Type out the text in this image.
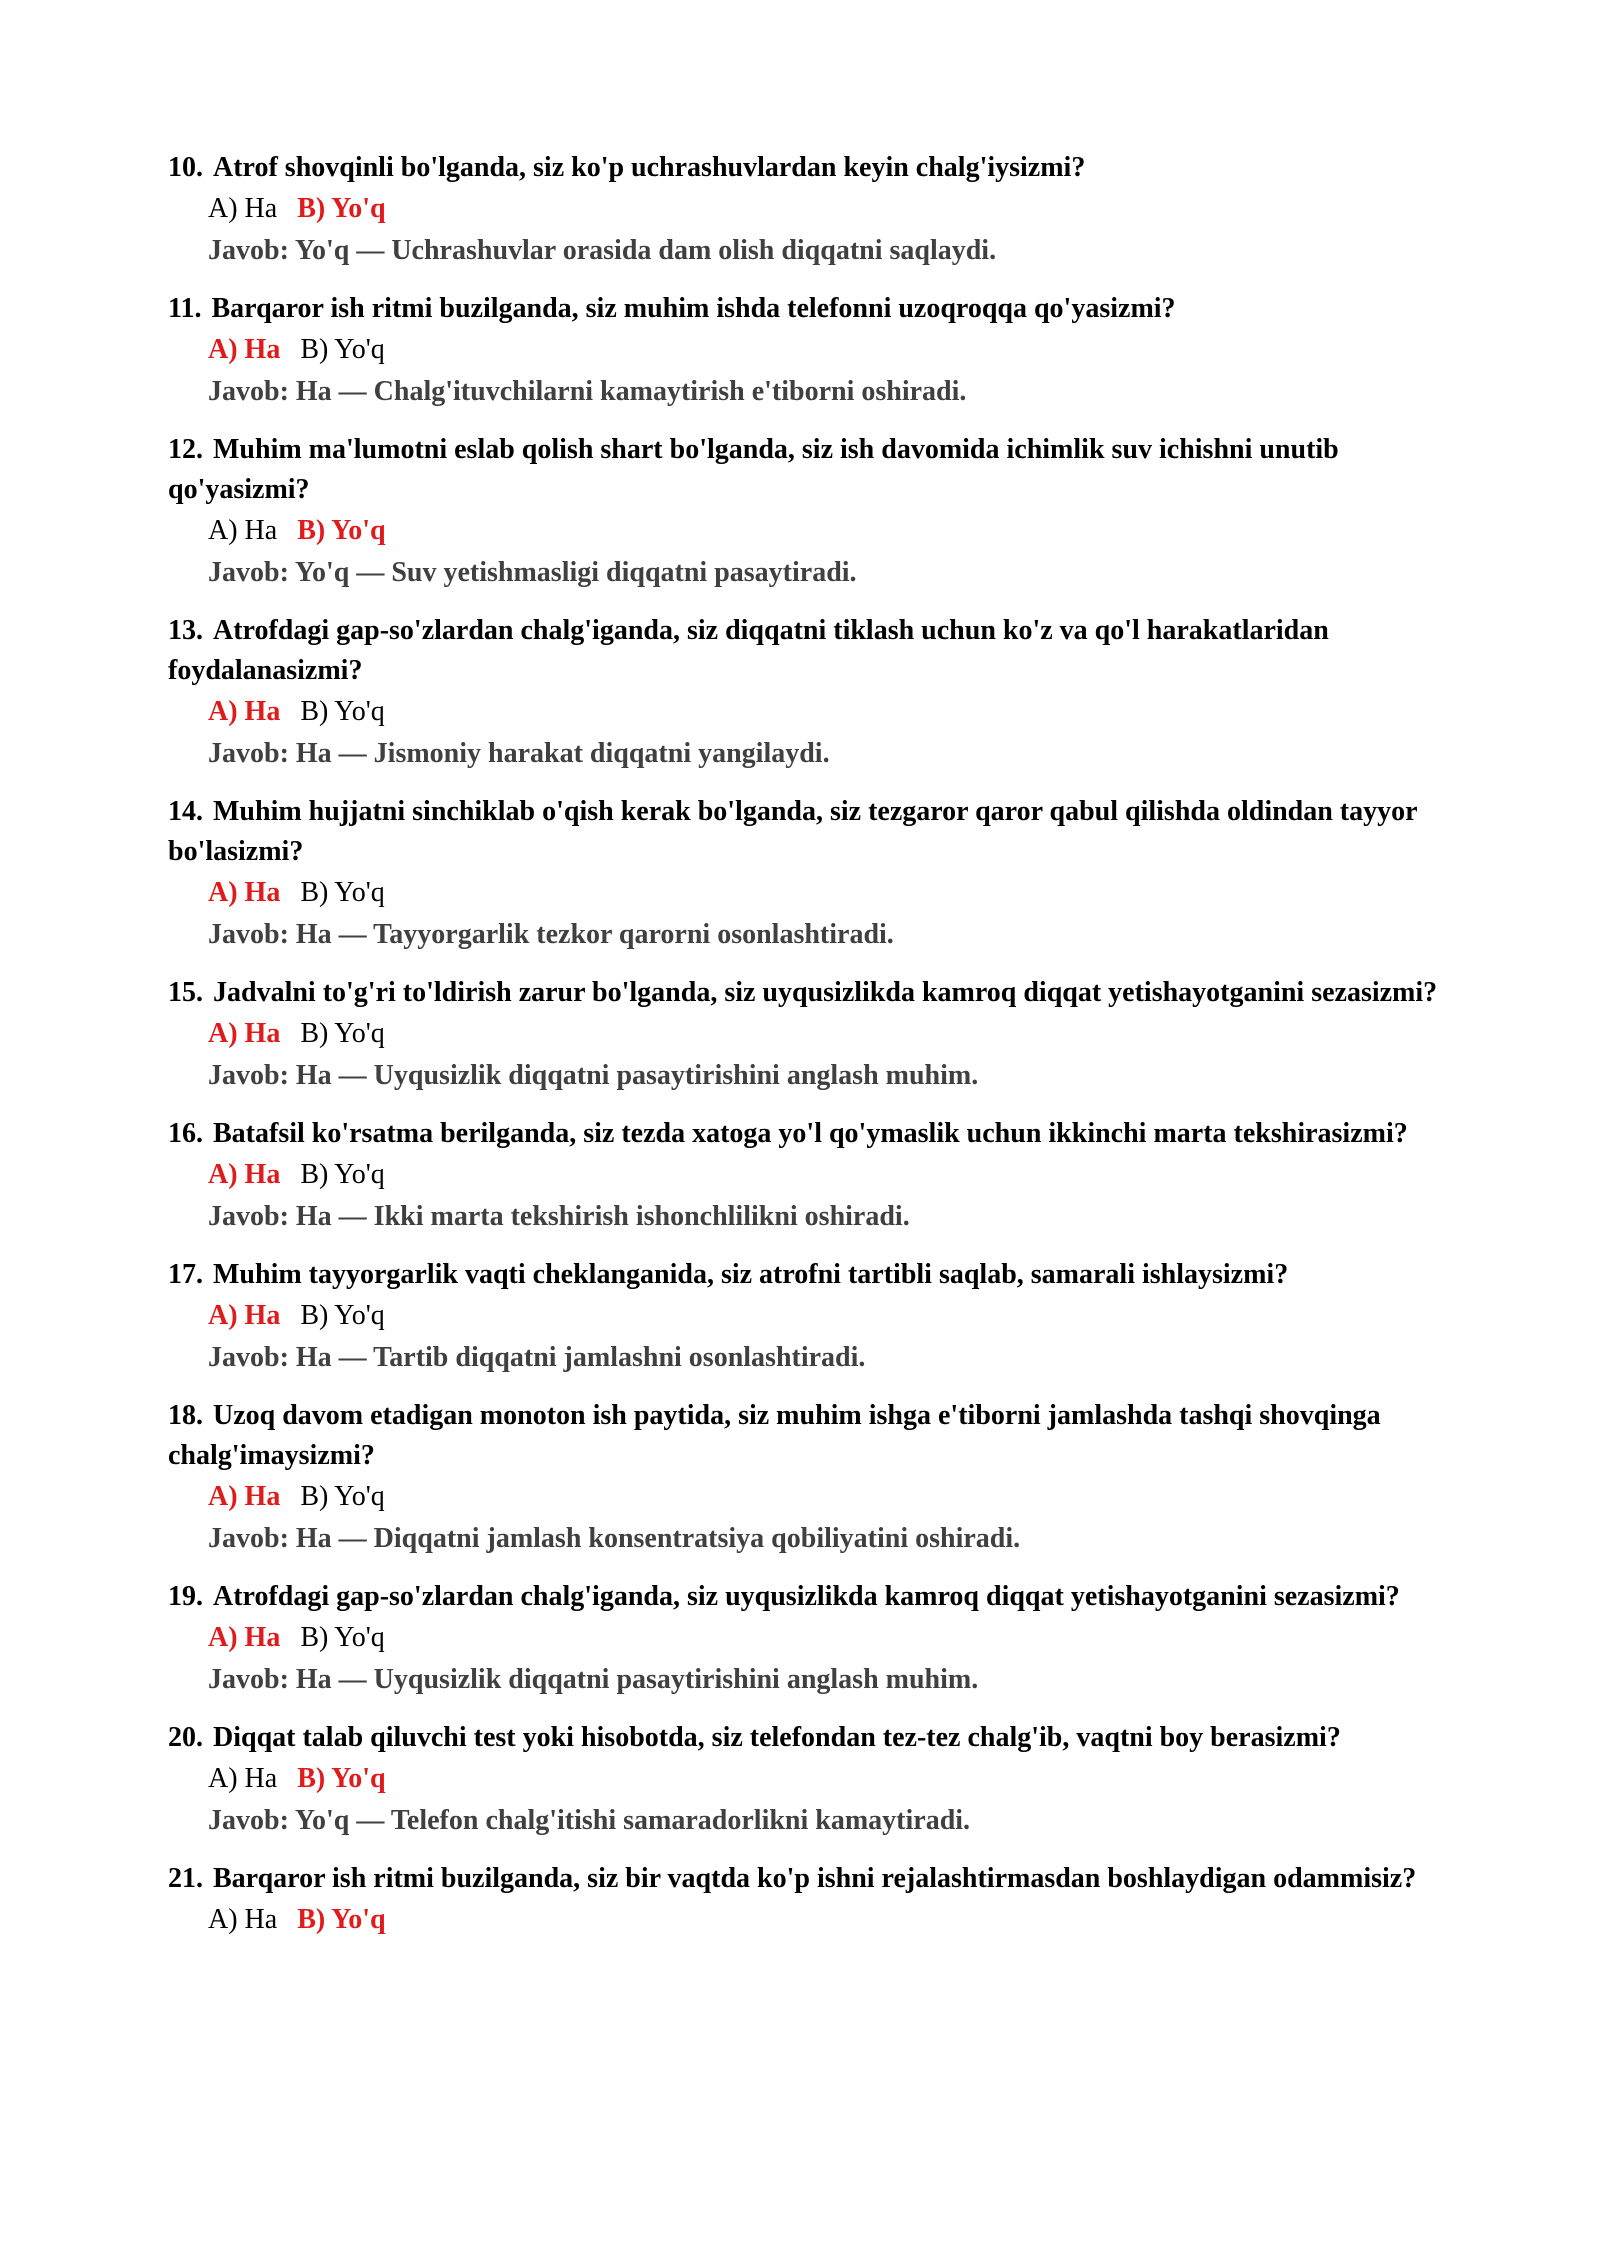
10. Atrof shovqinli bo'lganda, siz ko'p uchrashuvlardan keyin chalg'iysizmi?
A) Ha B) Yo'q
Javob: Yo'q — Uchrashuvlar orasida dam olish diqqatni saqlaydi.
11. Barqaror ish ritmi buzilganda, siz muhim ishda telefonni uzoqroqqa qo'yasizmi?
A) Ha B) Yo'q
Javob: Ha — Chalg'ituvchilarni kamaytirish e'tiborni oshiradi.
12. Muhim ma'lumotni eslab qolish shart bo'lganda, siz ish davomida ichimlik suv ichishni unutib qo'yasizmi?
A) Ha B) Yo'q
Javob: Yo'q — Suv yetishmasligi diqqatni pasaytiradi.
13. Atrofdagi gap-so'zlardan chalg'iganda, siz diqqatni tiklash uchun ko'z va qo'l harakatlaridan foydalanasizmi?
A) Ha B) Yo'q
Javob: Ha — Jismoniy harakat diqqatni yangilaydi.
14. Muhim hujjatni sinchiklab o'qish kerak bo'lganda, siz tezgaror qaror qabul qilishda oldindan tayyor bo'lasizmi?
A) Ha B) Yo'q
Javob: Ha — Tayyorgarlik tezkor qarorni osonlashtiradi.
15. Jadvalni to'g'ri to'ldirish zarur bo'lganda, siz uyqusizlikda kamroq diqqat yetishayotganini sezasizmi?
A) Ha B) Yo'q
Javob: Ha — Uyqusizlik diqqatni pasaytirishini anglash muhim.
16. Batafsil ko'rsatma berilganda, siz tezda xatoga yo'l qo'ymaslik uchun ikkinchi marta tekshirasizmi?
A) Ha B) Yo'q
Javob: Ha — Ikki marta tekshirish ishonchlilikni oshiradi.
17. Muhim tayyorgarlik vaqti cheklanganida, siz atrofni tartibli saqlab, samarali ishlaysizmi?
A) Ha B) Yo'q
Javob: Ha — Tartib diqqatni jamlashni osonlashtiradi.
18. Uzoq davom etadigan monoton ish paytida, siz muhim ishga e'tiborni jamlashda tashqi shovqinga chalg'imaysizmi?
A) Ha B) Yo'q
Javob: Ha — Diqqatni jamlash konsentratsiya qobiliyatini oshiradi.
19. Atrofdagi gap-so'zlardan chalg'iganda, siz uyqusizlikda kamroq diqqat yetishayotganini sezasizmi?
A) Ha B) Yo'q
Javob: Ha — Uyqusizlik diqqatni pasaytirishini anglash muhim.
20. Diqqat talab qiluvchi test yoki hisobotda, siz telefondan tez-tez chalg'ib, vaqtni boy berasizmi?
A) Ha B) Yo'q
Javob: Yo'q — Telefon chalg'itishi samaradorlikni kamaytiradi.
21. Barqaror ish ritmi buzilganda, siz bir vaqtda ko'p ishni rejalashtirmasdan boshlaydigan odammisiz?
A) Ha B) Yo'q
